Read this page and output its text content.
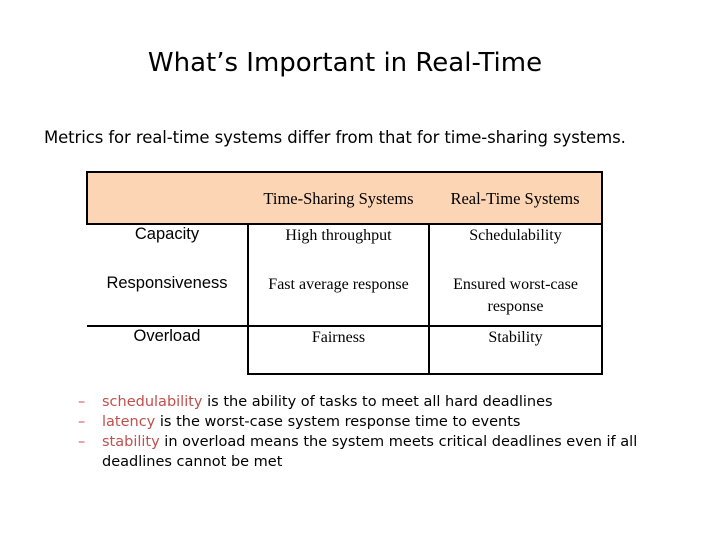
What’s Important in Real-Time
Metrics for real-time systems differ from that for time-sharing systems.
	Time-Sharing Systems	Real-Time Systems
Capacity	High throughput	Schedulability
Responsiveness	Fast average response	Ensured worst-case response
Overload	Fairness	Stability
– schedulability is the ability of tasks to meet all hard deadlines
– latency is the worst-case system response time to events
– stability in overload means the system meets critical deadlines even if all deadlines cannot be met
